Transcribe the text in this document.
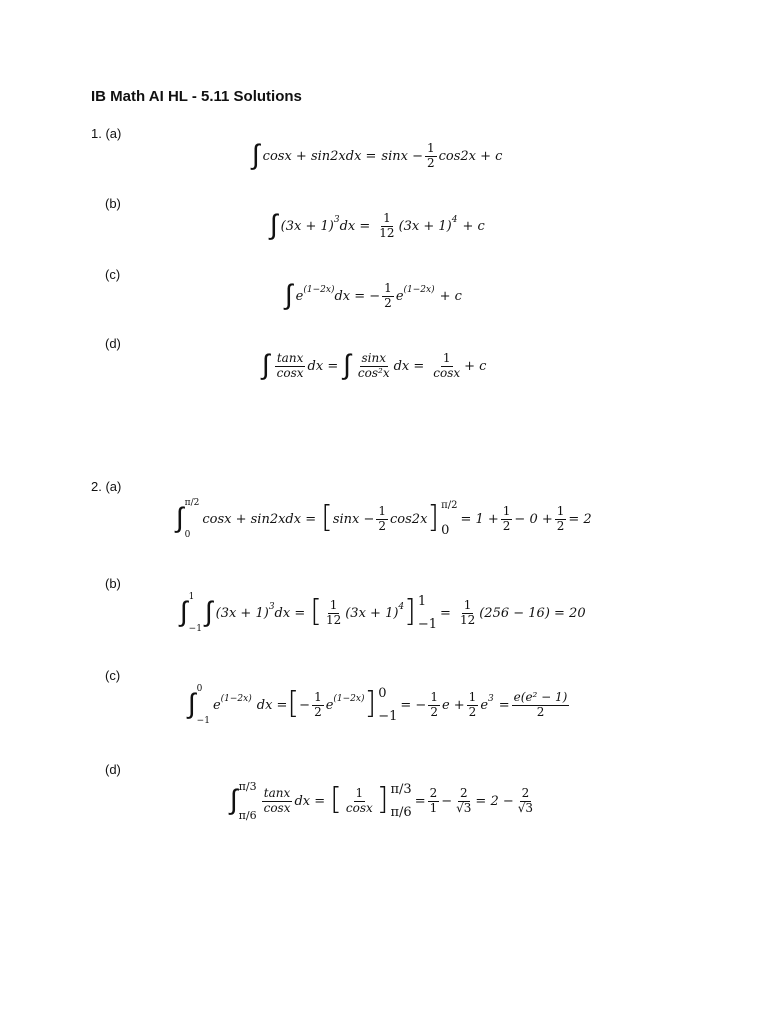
IB Math AI HL - 5.11 Solutions
1. (a)
∫ $\cos x + \sin 2xdx = \sin x - \frac{1}{2} \cos 2x + c$
(b)
∫ $(3x + 1)^3$ dx = $\frac{1}{12} (3x + 1)^4 + c$
(c)
∫ $e^{(1-2x)}$ dx = − $\frac{1}{2} e^{(1-2x)} + c$
(d)
∫ $\frac{\tan x}{\cos x}$ dx = ∫ $\frac{\sin x}{\text{cos²x}}$ dx = $\frac{1}{\cos x} + c$
2. (a)
∫ π/2
0
cosx + sin2xdx = [ $\sin x - \frac{1}{2} \cos 2x$ ] π/2
0
= $1 + \frac{1}{2} - 0 + \frac{1}{2} = 2$
(b)
∫ 1
−1
∫ $(3x + 1)^3$ dx = [ $\frac{1}{12} (3x + 1)^4$ ] 1
−1
= $\frac{1}{12} (256 - 16) = 20$
(c)
∫ 0
−1
$e^{(1-2x)}$ dx = [ − $\frac{1}{2} e^{(1-2x)}$ ] 0
−1
= − $\frac{1}{2}$ $e + \frac{1}{2} e^3 = \frac{\text{e(e² − 1)}}{2}$
(d)
∫ π/3
π/6
$\frac{\tan x}{\cos x}$ dx = [ $\frac{1}{\cos x}$ ] π/3
π/6
= $\frac{2}{1} - \frac{2}{√3} = 2 - \frac{2}{√3}$
